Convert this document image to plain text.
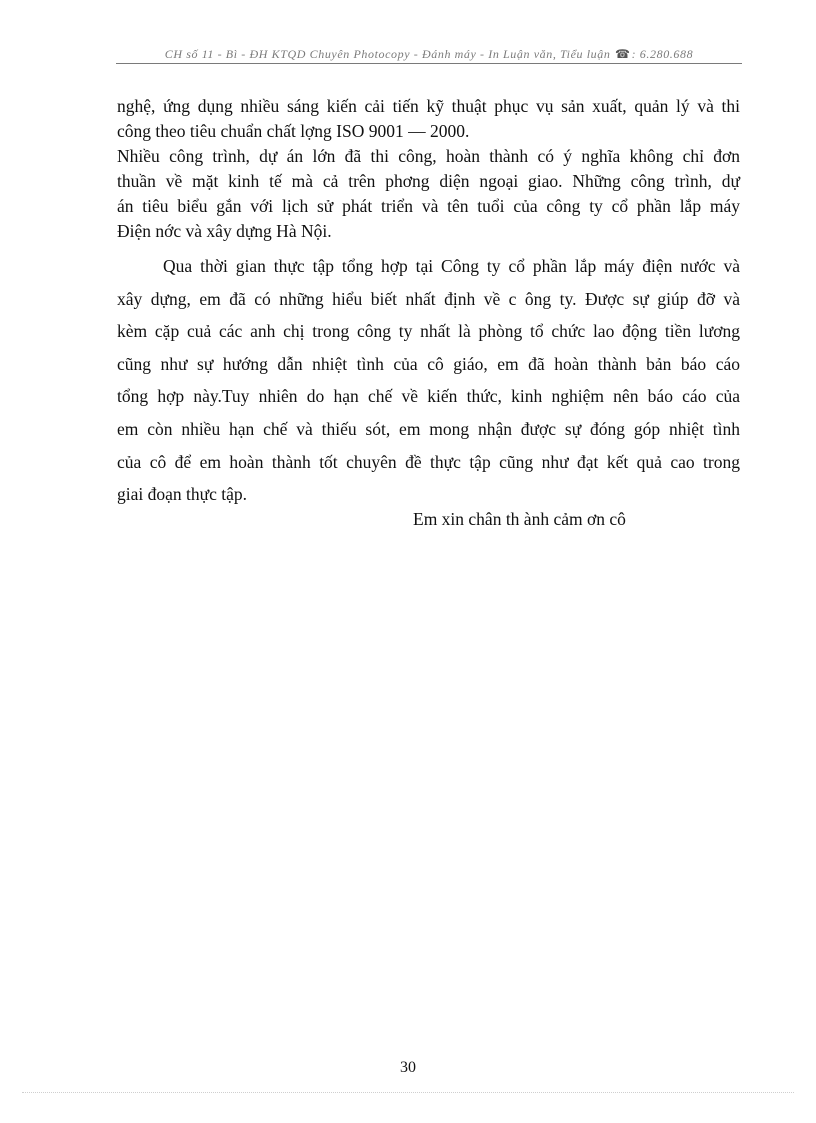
CH số 11 - Bì - ĐH KTQD Chuyên Photocopy - Đánh máy - In Luận văn, Tiểu luận ☎: 6.280.688

nghệ, ứng dụng nhiều sáng kiến cải tiến kỹ thuật phục vụ sản xuất, quản lý và thi
công theo tiêu chuẩn chất lợng ISO 9001 — 2000.

Nhiều công trình, dự án lớn đã thi công, hoàn thành có ý nghĩa không chỉ đơn
thuần về mặt kinh tế mà cả trên phơng diện ngoại giao. Những công trình, dự
án tiêu biểu gắn với lịch sử phát triển và tên tuổi của công ty cổ phần lắp máy
Điện nớc và xây dựng Hà Nội.

Qua thời gian thực tập tổng hợp tại Công ty cổ phần lắp máy điện nước và
xây dựng, em đã có những hiểu biết nhất định về c ông ty. Được sự giúp đỡ và
kèm cặp cuả các anh chị trong công ty nhất là phòng tổ chức lao động tiền lương
cũng như sự hướng dẫn nhiệt tình của cô giáo, em đã hoàn thành bản báo cáo
tổng hợp này.Tuy nhiên do hạn chế về kiến thức, kinh nghiệm nên báo cáo của
em còn nhiều hạn chế và thiếu sót, em mong nhận được sự đóng góp nhiệt tình
của cô để em hoàn thành tốt chuyên đề thực tập cũng như đạt kết quả cao trong
giai đoạn thực tập.

Em xin chân th ành cảm ơn cô
30
